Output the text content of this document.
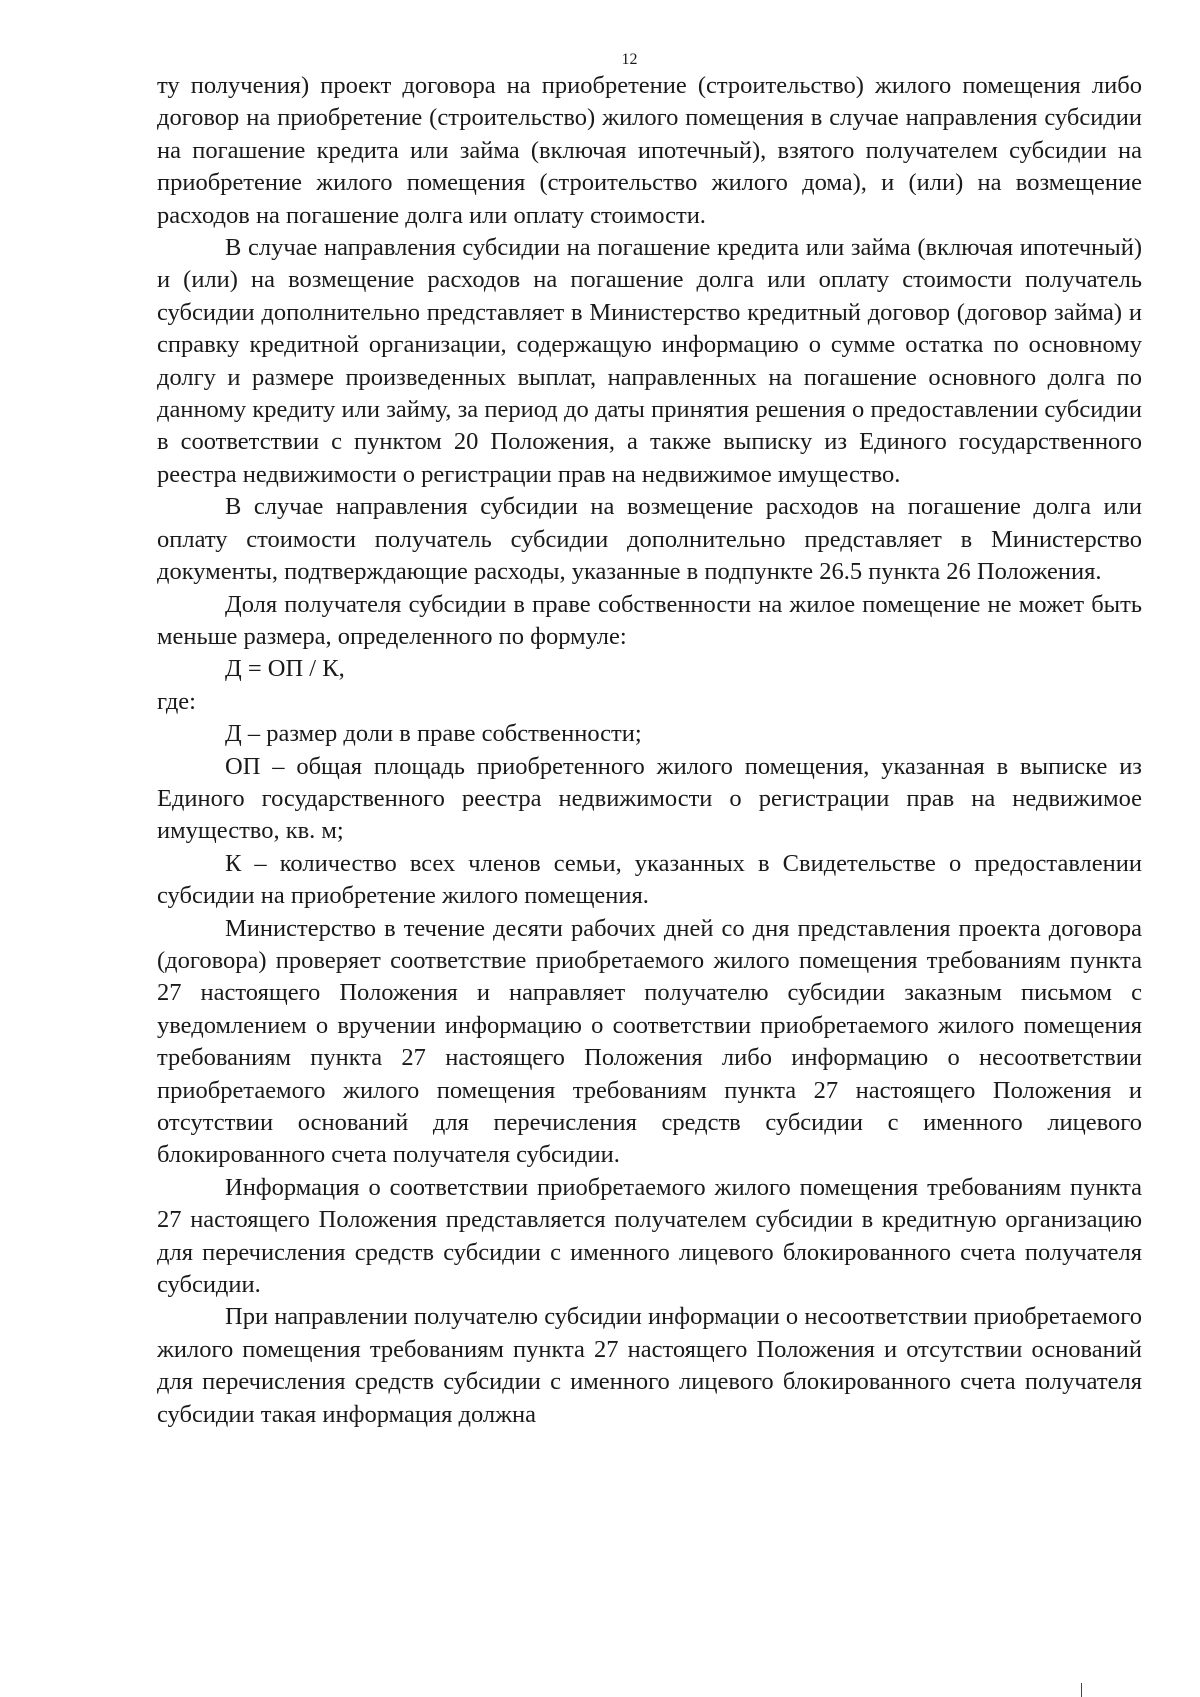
12

ту получения) проект договора на приобретение (строительство) жилого помещения либо договор на приобретение (строительство) жилого помещения в случае направления субсидии на погашение кредита или займа (включая ипотечный), взятого получателем субсидии на приобретение жилого помещения (строительство жилого дома), и (или) на возмещение расходов на погашение долга или оплату стоимости.

В случае направления субсидии на погашение кредита или займа (включая ипотечный) и (или) на возмещение расходов на погашение долга или оплату стоимости получатель субсидии дополнительно представляет в Министерство кредитный договор (договор займа) и справку кредитной организации, содержащую информацию о сумме остатка по основному долгу и размере произведенных выплат, направленных на погашение основного долга по данному кредиту или займу, за период до даты принятия решения о предоставлении субсидии в соответствии с пунктом 20 Положения, а также выписку из Единого государственного реестра недвижимости о регистрации прав на недвижимое имущество.

В случае направления субсидии на возмещение расходов на погашение долга или оплату стоимости получатель субсидии дополнительно представляет в Министерство документы, подтверждающие расходы, указанные в подпункте 26.5 пункта 26 Положения.

Доля получателя субсидии в праве собственности на жилое помещение не может быть меньше размера, определенного по формуле:

Д = ОП / К,

где:

Д – размер доли в праве собственности;

ОП – общая площадь приобретенного жилого помещения, указанная в выписке из Единого государственного реестра недвижимости о регистрации прав на недвижимое имущество, кв. м;

К – количество всех членов семьи, указанных в Свидетельстве о предоставлении субсидии на приобретение жилого помещения.

Министерство в течение десяти рабочих дней со дня представления проекта договора (договора) проверяет соответствие приобретаемого жилого помещения требованиям пункта 27 настоящего Положения и направляет получателю субсидии заказным письмом с уведомлением о вручении информацию о соответствии приобретаемого жилого помещения требованиям пункта 27 настоящего Положения либо информацию о несоответствии приобретаемого жилого помещения требованиям пункта 27 настоящего Положения и отсутствии оснований для перечисления средств субсидии с именного лицевого блокированного счета получателя субсидии.

Информация о соответствии приобретаемого жилого помещения требованиям пункта 27 настоящего Положения представляется получателем субсидии в кредитную организацию для перечисления средств субсидии с именного лицевого блокированного счета получателя субсидии.

При направлении получателю субсидии информации о несоответствии приобретаемого жилого помещения требованиям пункта 27 настоящего Положения и отсутствии оснований для перечисления средств субсидии с именного лицевого блокированного счета получателя субсидии такая информация должна
